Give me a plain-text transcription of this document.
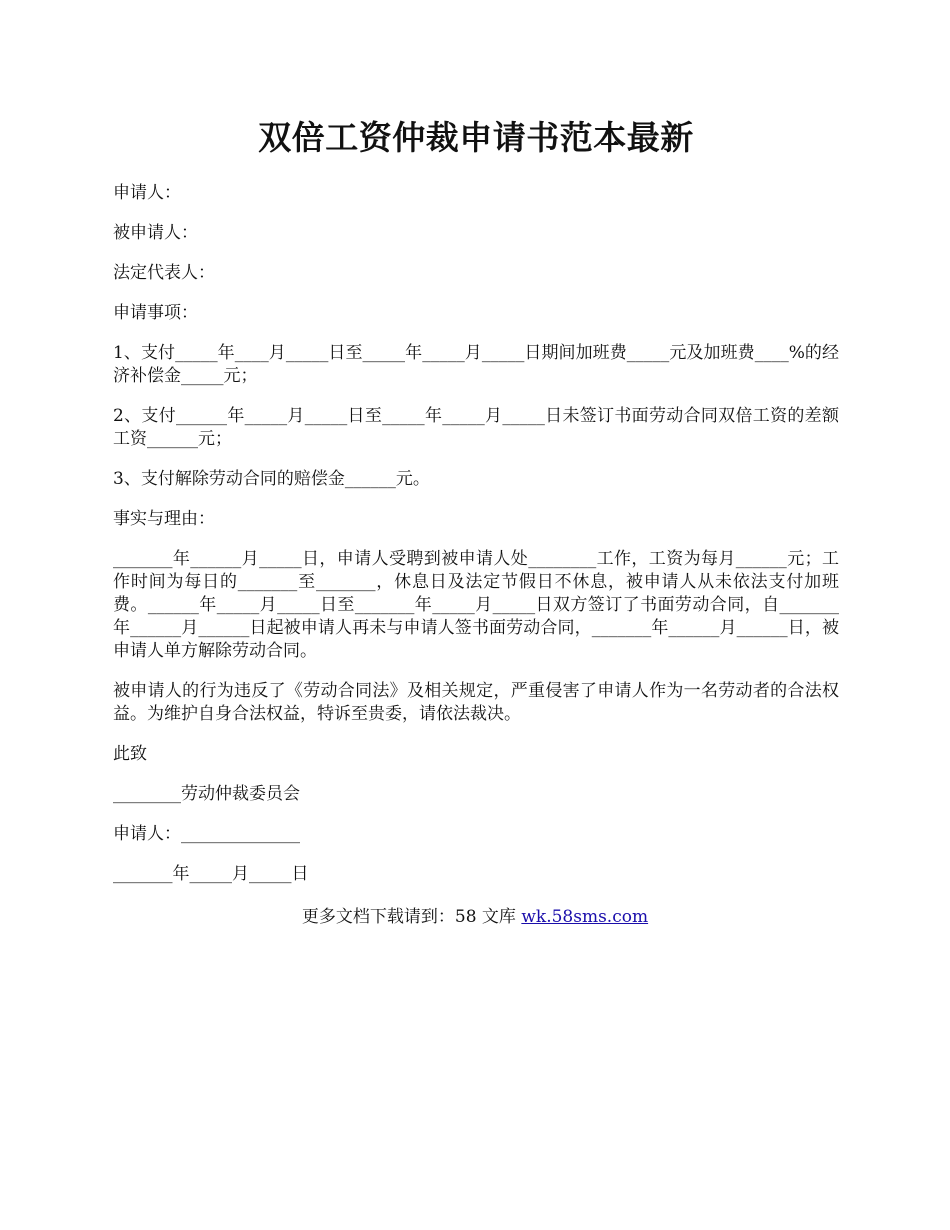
双倍工资仲裁申请书范本最新

申请人：

被申请人：

法定代表人：

申请事项：

1、支付_____年____月_____日至_____年_____月_____日期间加班费_____元及加班费____%的经济补偿金_____元；

2、支付______年_____月_____日至_____年_____月_____日未签订书面劳动合同双倍工资的差额工资______元；

3、支付解除劳动合同的赔偿金______元。

事实与理由：

_______年______月_____日，申请人受聘到被申请人处________工作，工资为每月______元；工作时间为每日的_______至_______，休息日及法定节假日不休息，被申请人从未依法支付加班费。______年_____月_____日至_______年_____月_____日双方签订了书面劳动合同，自_______年______月______日起被申请人再未与申请人签书面劳动合同，_______年______月______日，被申请人单方解除劳动合同。

被申请人的行为违反了《劳动合同法》及相关规定，严重侵害了申请人作为一名劳动者的合法权益。为维护自身合法权益，特诉至贵委，请依法裁决。

此致

________劳动仲裁委员会

申请人：______________

_______年_____月_____日

更多文档下载请到：58 文库 wk.58sms.com
